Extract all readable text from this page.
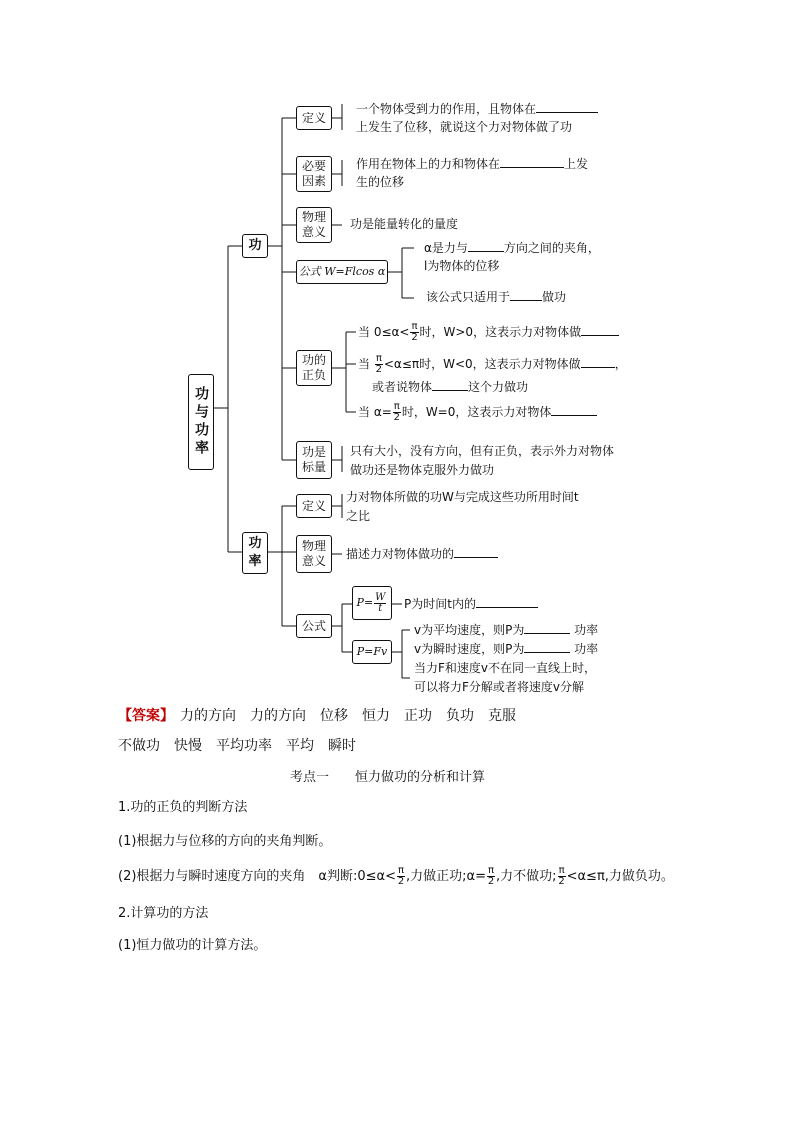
功与功率
功
定义
一个物体受到力的作用，且物体在
上发生了位移，就说这个力对物体做了功
必要因素
作用在物体上的力和物体在	上发
生的位移
物理意义
功是能量转化的量度
公式 W=Flcos α
α是力与	方向之间的夹角，
l为物体的位移
该公式只适用于	做功
功的正负
当 $0\le\alpha< \frac{\pi}{2}$ 时，W>0，这表示力对物体做
当 $\frac{\pi}{2} <\alpha\le\pi$时，W<0，这表示力对物体做	，
或者说物体	这个力做功
当 $\alpha= \frac{\pi}{2}$ 时，W=0，这表示力对物体
功是标量
只有大小，没有方向，但有正负，表示外力对物体
做功还是物体克服外力做功
功率
定义
力对物体所做的功W与完成这些功所用时间t
之比
物理意义 描述力对物体做功的
公式
$P= \frac{W}{t}$ P为时间t内的
P=Fv
v为平均速度，则P为	功率
v为瞬时速度，则P为	功率
当力F和速度v不在同一直线上时，
可以将力F分解或者将速度v分解
【答案】 力的方向 力的方向 位移 恒力 正功 负功 克服
不做功 快慢 平均功率 平均 瞬时
考点一　　恒力做功的分析和计算
1.功的正负的判断方法
(1)根据力与位移的方向的夹角判断。
(2)根据力与瞬时速度方向的夹角　α判断:0≤α< $\frac{\pi}{2}$ ,力做正功;α= $\frac{\pi}{2}$ ,力不做功; $\frac{\pi}{2} <\alpha\le\pi$,力做负功。
2.计算功的方法
(1)恒力做功的计算方法。
